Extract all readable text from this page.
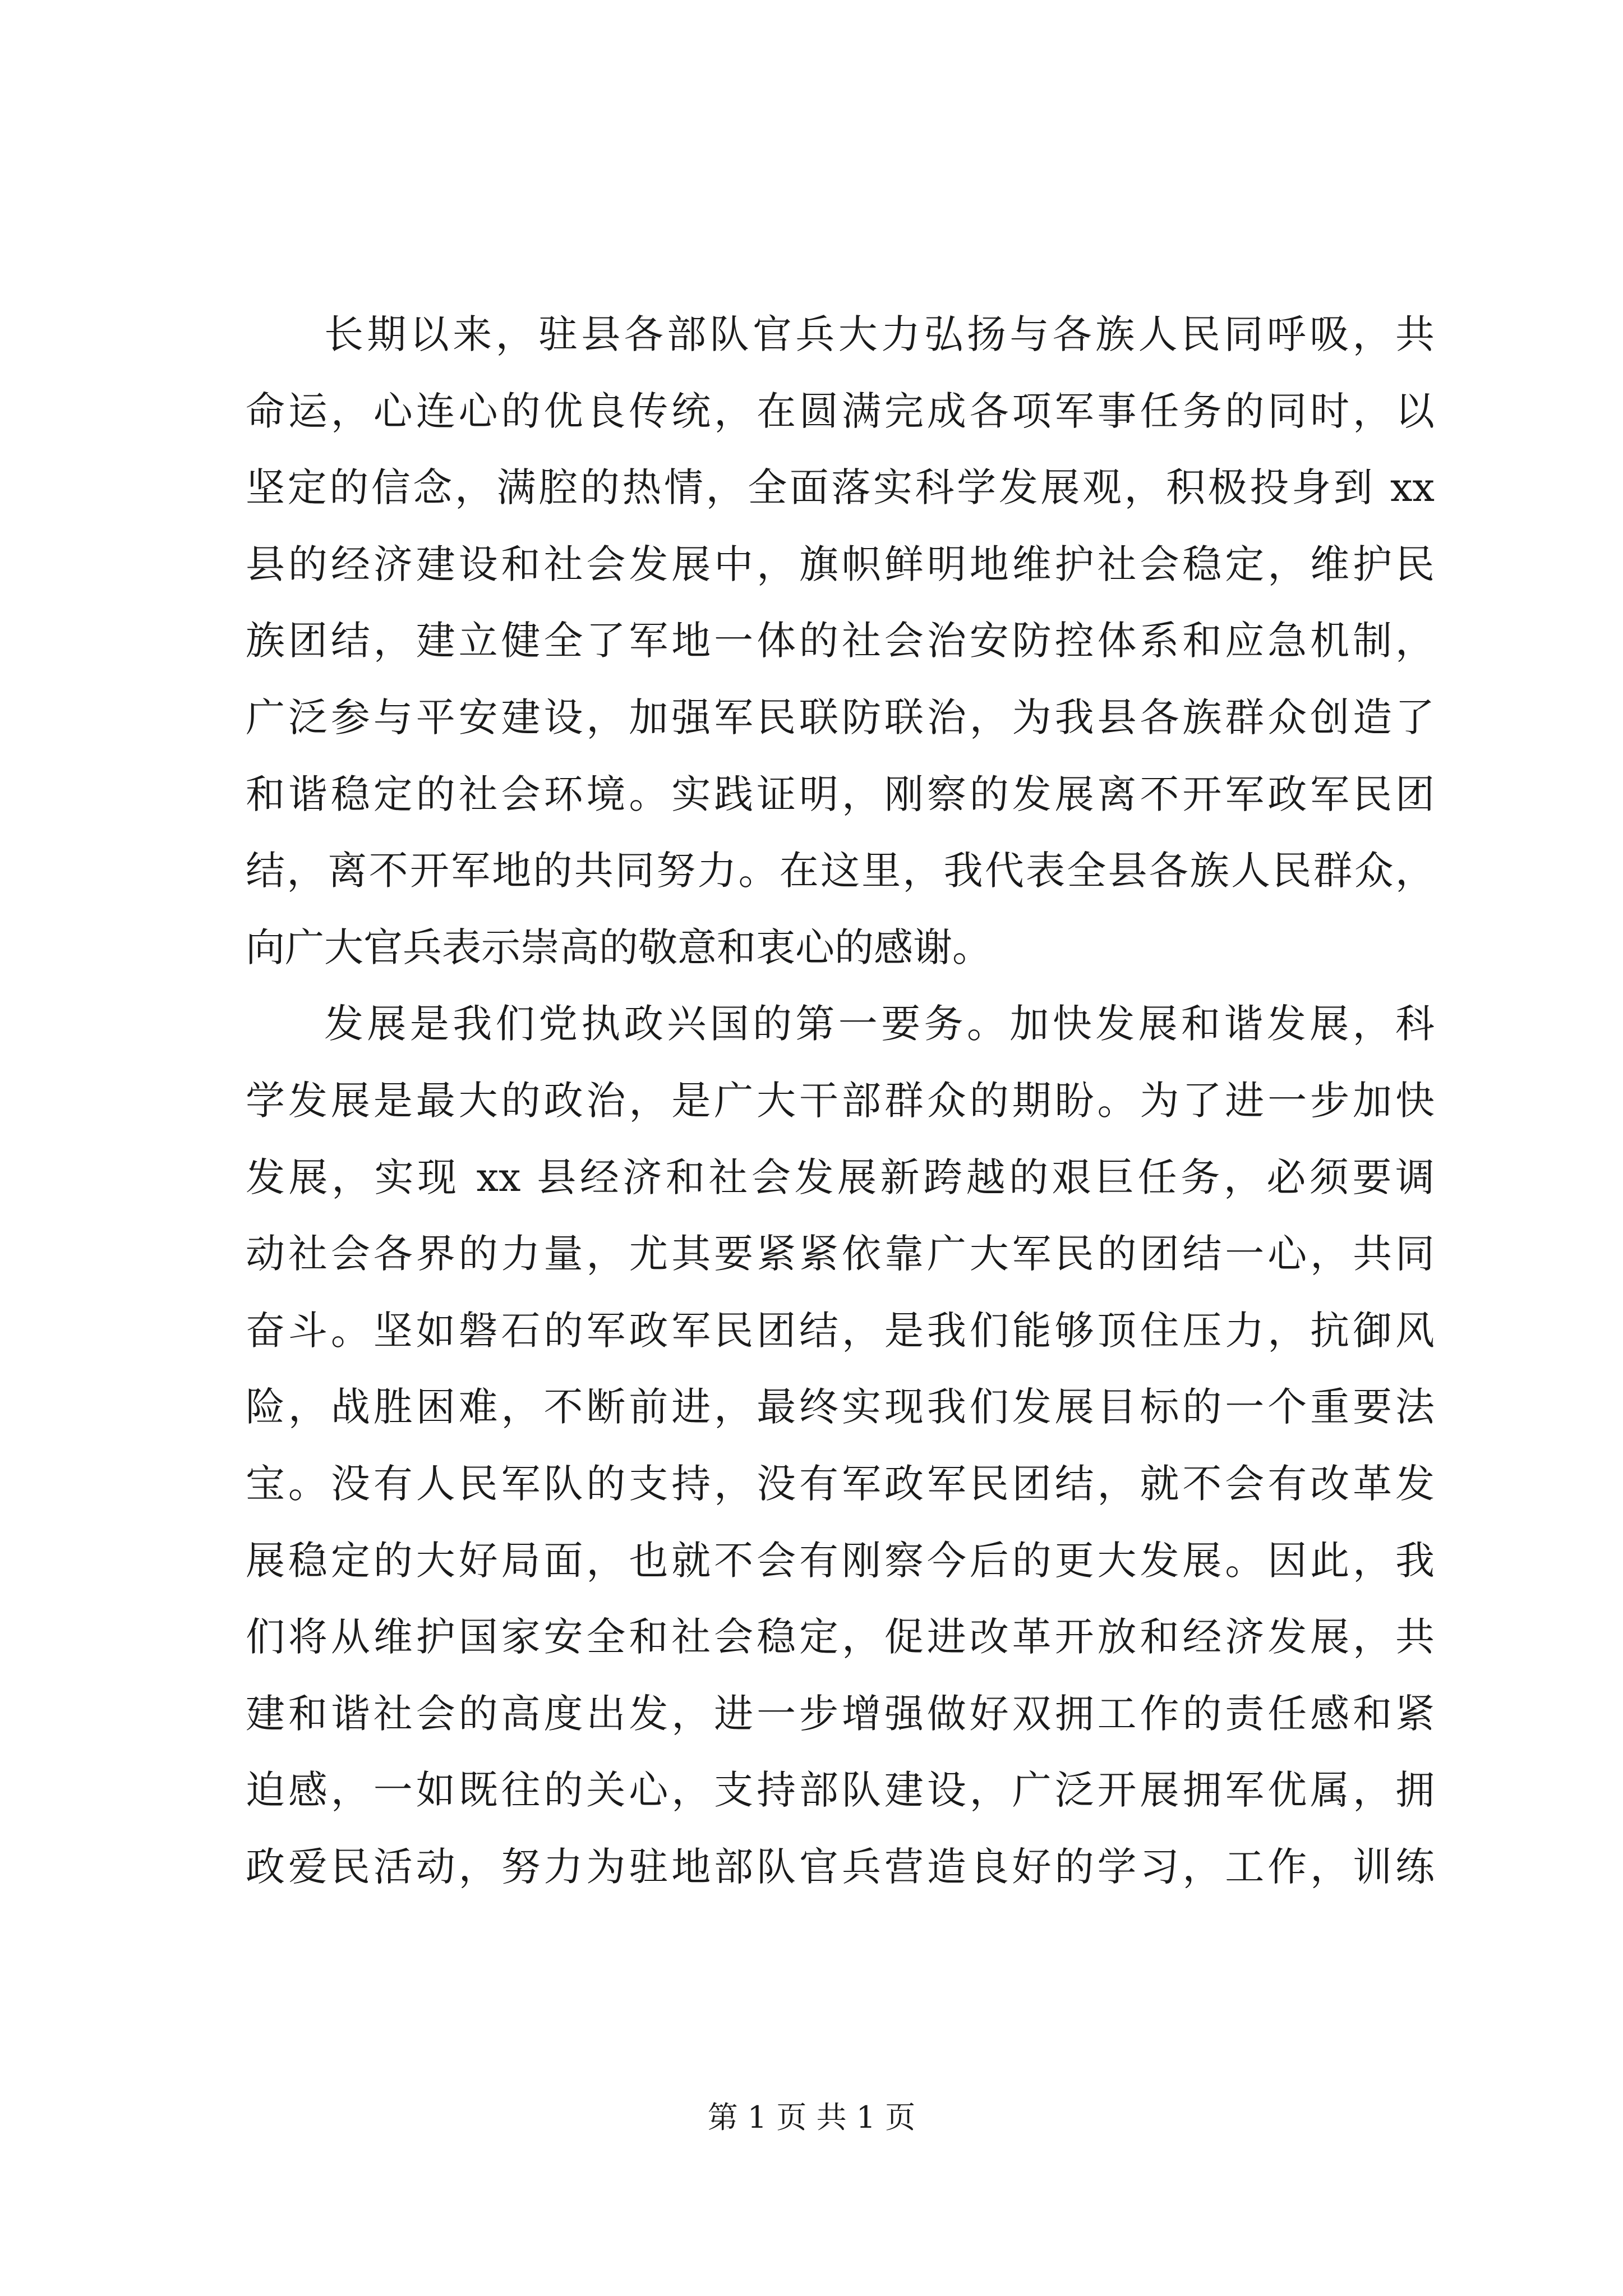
长期以来，驻县各部队官兵大力弘扬与各族人民同呼吸，共
命运，心连心的优良传统，在圆满完成各项军事任务的同时，以
坚定的信念，满腔的热情，全面落实科学发展观，积极投身到 xx
县的经济建设和社会发展中，旗帜鲜明地维护社会稳定，维护民
族团结，建立健全了军地一体的社会治安防控体系和应急机制，
广泛参与平安建设，加强军民联防联治，为我县各族群众创造了
和谐稳定的社会环境。实践证明，刚察的发展离不开军政军民团
结，离不开军地的共同努力。在这里，我代表全县各族人民群众，
向广大官兵表示崇高的敬意和衷心的感谢。
发展是我们党执政兴国的第一要务。加快发展和谐发展，科
学发展是最大的政治，是广大干部群众的期盼。为了进一步加快
发展，实现 xx 县经济和社会发展新跨越的艰巨任务，必须要调
动社会各界的力量，尤其要紧紧依靠广大军民的团结一心，共同
奋斗。坚如磐石的军政军民团结，是我们能够顶住压力，抗御风
险，战胜困难，不断前进，最终实现我们发展目标的一个重要法
宝。没有人民军队的支持，没有军政军民团结，就不会有改革发
展稳定的大好局面，也就不会有刚察今后的更大发展。因此，我
们将从维护国家安全和社会稳定，促进改革开放和经济发展，共
建和谐社会的高度出发，进一步增强做好双拥工作的责任感和紧
迫感，一如既往的关心，支持部队建设，广泛开展拥军优属，拥
政爱民活动，努力为驻地部队官兵营造良好的学习，工作，训练
第 1 页 共 1 页
